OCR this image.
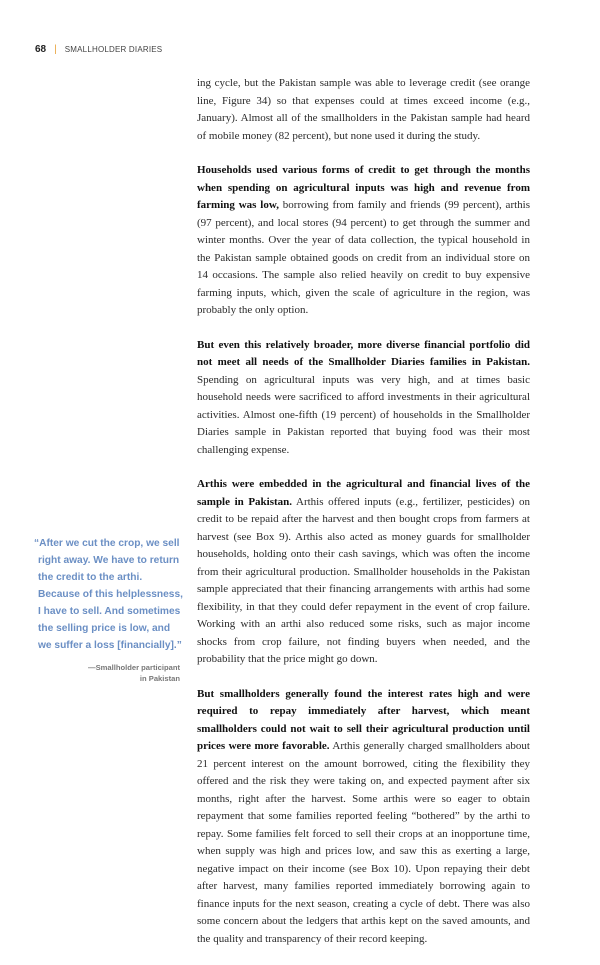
68 | SMALLHOLDER DIARIES

ing cycle, but the Pakistan sample was able to leverage credit (see orange line, Figure 34) so that expenses could at times exceed income (e.g., January). Almost all of the smallholders in the Pakistan sample had heard of mobile money (82 percent), but none used it during the study.

Households used various forms of credit to get through the months when spending on agricultural inputs was high and revenue from farming was low, borrowing from family and friends (99 percent), arthis (97 percent), and local stores (94 percent) to get through the summer and winter months. Over the year of data collection, the typical household in the Pakistan sample obtained goods on credit from an individual store on 14 occasions. The sample also relied heavily on credit to buy expensive farming inputs, which, given the scale of agriculture in the region, was probably the only option.

But even this relatively broader, more diverse financial portfolio did not meet all needs of the Smallholder Diaries families in Pakistan. Spending on agricultural inputs was very high, and at times basic household needs were sacrificed to afford investments in their agricultural activities. Almost one-fifth (19 percent) of households in the Smallholder Diaries sample in Pakistan reported that buying food was their most challenging expense.

Arthis were embedded in the agricultural and financial lives of the sample in Pakistan. Arthis offered inputs (e.g., fertilizer, pesticides) on credit to be repaid after the harvest and then bought crops from farmers at harvest (see Box 9). Arthis also acted as money guards for smallholder households, holding onto their cash savings, which was often the income from their agricultural production. Smallholder households in the Pakistan sample appreciated that their financing arrangements with arthis had some flexibility, in that they could defer repayment in the event of crop failure. Working with an arthi also reduced some risks, such as major income shocks from crop failure, not finding buyers when needed, and the probability that the price might go down.

But smallholders generally found the interest rates high and were required to repay immediately after harvest, which meant smallholders could not wait to sell their agricultural production until prices were more favorable. Arthis generally charged smallholders about 21 percent interest on the amount borrowed, citing the flexibility they offered and the risk they were taking on, and expected payment after six months, right after the harvest. Some arthis were so eager to obtain repayment that some families reported feeling “bothered” by the arthi to repay. Some families felt forced to sell their crops at an inopportune time, when supply was high and prices low, and saw this as exerting a large, negative impact on their income (see Box 10). Upon repaying their debt after harvest, many families reported immediately borrowing again to finance inputs for the next season, creating a cycle of debt. There was also some concern about the ledgers that arthis kept on the saved amounts, and the quality and transparency of their record keeping.

“After we cut the crop, we sell right away. We have to return the credit to the arthi. Because of this helplessness, I have to sell. And sometimes the selling price is low, and we suffer a loss [financially].”

—Smallholder participant
in Pakistan
